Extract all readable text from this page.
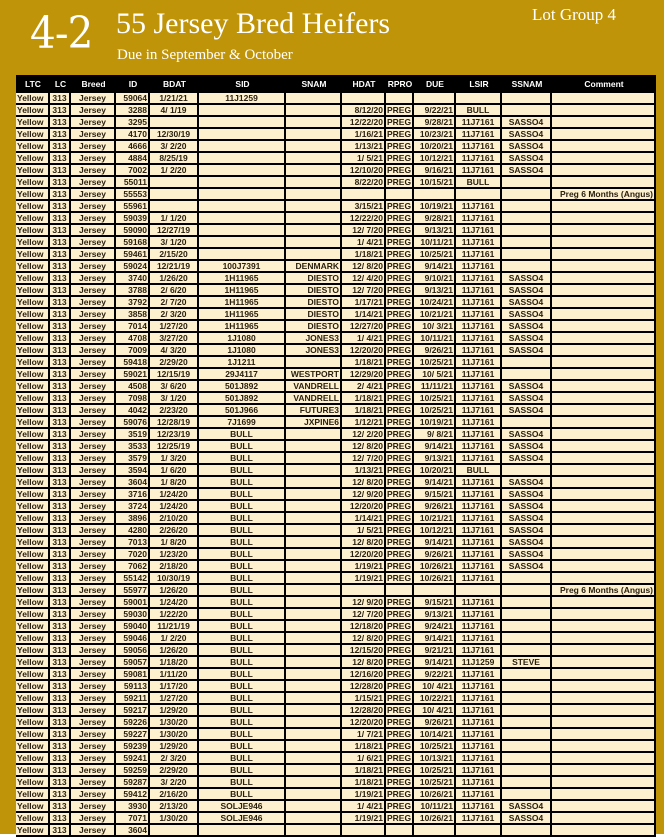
4-2 55 Jersey Bred Heifers
Due in September & October
Lot Group 4
LTC	LC	Breed	ID	BDAT	SID	SNAM	HDAT	RPRO	DUE	LSIR	SSNAM	Comment
Yellow	313	Jersey	59064	1/21/21	11J1259							
Yellow	313	Jersey	3288	4/ 1/19			8/12/20	PREG	9/22/21	BULL		
Yellow	313	Jersey	3295				12/22/20	PREG	9/28/21	11J7161	SASSO4	
Yellow	313	Jersey	4170	12/30/19			1/16/21	PREG	10/23/21	11J7161	SASSO4	
Yellow	313	Jersey	4666	3/ 2/20			1/13/21	PREG	10/20/21	11J7161	SASSO4	
Yellow	313	Jersey	4884	8/25/19			1/ 5/21	PREG	10/12/21	11J7161	SASSO4	
Yellow	313	Jersey	7002	1/ 2/20			12/10/20	PREG	9/16/21	11J7161	SASSO4	
Yellow	313	Jersey	55011				8/22/20	PREG	10/15/21	BULL		
Yellow	313	Jersey	55553									Preg 6 Months (Angus)
Yellow	313	Jersey	55961				3/15/21	PREG	10/19/21	11J7161		
Yellow	313	Jersey	59039	1/ 1/20			12/22/20	PREG	9/28/21	11J7161		
Yellow	313	Jersey	59090	12/27/19			12/ 7/20	PREG	9/13/21	11J7161		
Yellow	313	Jersey	59168	3/ 1/20			1/ 4/21	PREG	10/11/21	11J7161		
Yellow	313	Jersey	59461	2/15/20			1/18/21	PREG	10/25/21	11J7161		
Yellow	313	Jersey	59024	12/21/19	100J7391	DENMARK	12/ 8/20	PREG	9/14/21	11J7161		
Yellow	313	Jersey	3740	1/26/20	1H11965	DIESTO	12/ 4/20	PREG	9/10/21	11J7161	SASSO4	
Yellow	313	Jersey	3788	2/ 6/20	1H11965	DIESTO	12/ 7/20	PREG	9/13/21	11J7161	SASSO4	
Yellow	313	Jersey	3792	2/ 7/20	1H11965	DIESTO	1/17/21	PREG	10/24/21	11J7161	SASSO4	
Yellow	313	Jersey	3858	2/ 3/20	1H11965	DIESTO	1/14/21	PREG	10/21/21	11J7161	SASSO4	
Yellow	313	Jersey	7014	1/27/20	1H11965	DIESTO	12/27/20	PREG	10/ 3/21	11J7161	SASSO4	
Yellow	313	Jersey	4708	3/27/20	1J1080	JONES3	1/ 4/21	PREG	10/11/21	11J7161	SASSO4	
Yellow	313	Jersey	7009	4/ 3/20	1J1080	JONES3	12/20/20	PREG	9/26/21	11J7161	SASSO4	
Yellow	313	Jersey	59418	2/29/20	1J1211		1/18/21	PREG	10/25/21	11J7161		
Yellow	313	Jersey	59021	12/15/19	29J4117	WESTPORT	12/29/20	PREG	10/ 5/21	11J7161		
Yellow	313	Jersey	4508	3/ 6/20	501J892	VANDRELL	2/ 4/21	PREG	11/11/21	11J7161	SASSO4	
Yellow	313	Jersey	7098	3/ 1/20	501J892	VANDRELL	1/18/21	PREG	10/25/21	11J7161	SASSO4	
Yellow	313	Jersey	4042	2/23/20	501J966	FUTURE3	1/18/21	PREG	10/25/21	11J7161	SASSO4	
Yellow	313	Jersey	59076	12/28/19	7J1699	JXPINE6	1/12/21	PREG	10/19/21	11J7161		
Yellow	313	Jersey	3519	12/23/19	BULL		12/ 2/20	PREG	9/ 8/21	11J7161	SASSO4	
Yellow	313	Jersey	3533	12/25/19	BULL		12/ 8/20	PREG	9/14/21	11J7161	SASSO4	
Yellow	313	Jersey	3579	1/ 3/20	BULL		12/ 7/20	PREG	9/13/21	11J7161	SASSO4	
Yellow	313	Jersey	3594	1/ 6/20	BULL		1/13/21	PREG	10/20/21	BULL		
Yellow	313	Jersey	3604	1/ 8/20	BULL		12/ 8/20	PREG	9/14/21	11J7161	SASSO4	
Yellow	313	Jersey	3716	1/24/20	BULL		12/ 9/20	PREG	9/15/21	11J7161	SASSO4	
Yellow	313	Jersey	3724	1/24/20	BULL		12/20/20	PREG	9/26/21	11J7161	SASSO4	
Yellow	313	Jersey	3896	2/10/20	BULL		1/14/21	PREG	10/21/21	11J7161	SASSO4	
Yellow	313	Jersey	4280	2/26/20	BULL		1/ 5/21	PREG	10/12/21	11J7161	SASSO4	
Yellow	313	Jersey	7013	1/ 8/20	BULL		12/ 8/20	PREG	9/14/21	11J7161	SASSO4	
Yellow	313	Jersey	7020	1/23/20	BULL		12/20/20	PREG	9/26/21	11J7161	SASSO4	
Yellow	313	Jersey	7062	2/18/20	BULL		1/19/21	PREG	10/26/21	11J7161	SASSO4	
Yellow	313	Jersey	55142	10/30/19	BULL		1/19/21	PREG	10/26/21	11J7161		
Yellow	313	Jersey	55977	1/26/20	BULL							Preg 6 Months (Angus)
Yellow	313	Jersey	59001	1/24/20	BULL		12/ 9/20	PREG	9/15/21	11J7161		
Yellow	313	Jersey	59030	1/22/20	BULL		12/ 7/20	PREG	9/13/21	11J7161		
Yellow	313	Jersey	59040	11/21/19	BULL		12/18/20	PREG	9/24/21	11J7161		
Yellow	313	Jersey	59046	1/ 2/20	BULL		12/ 8/20	PREG	9/14/21	11J7161		
Yellow	313	Jersey	59056	1/26/20	BULL		12/15/20	PREG	9/21/21	11J7161		
Yellow	313	Jersey	59057	1/18/20	BULL		12/ 8/20	PREG	9/14/21	11J1259	STEVE	
Yellow	313	Jersey	59081	1/11/20	BULL		12/16/20	PREG	9/22/21	11J7161		
Yellow	313	Jersey	59113	1/17/20	BULL		12/28/20	PREG	10/ 4/21	11J7161		
Yellow	313	Jersey	59211	1/27/20	BULL		1/15/21	PREG	10/22/21	11J7161		
Yellow	313	Jersey	59217	1/29/20	BULL		12/28/20	PREG	10/ 4/21	11J7161		
Yellow	313	Jersey	59226	1/30/20	BULL		12/20/20	PREG	9/26/21	11J7161		
Yellow	313	Jersey	59227	1/30/20	BULL		1/ 7/21	PREG	10/14/21	11J7161		
Yellow	313	Jersey	59239	1/29/20	BULL		1/18/21	PREG	10/25/21	11J7161		
Yellow	313	Jersey	59241	2/ 3/20	BULL		1/ 6/21	PREG	10/13/21	11J7161		
Yellow	313	Jersey	59259	2/29/20	BULL		1/18/21	PREG	10/25/21	11J7161		
Yellow	313	Jersey	59287	3/ 2/20	BULL		1/18/21	PREG	10/25/21	11J7161		
Yellow	313	Jersey	59412	2/16/20	BULL		1/19/21	PREG	10/26/21	11J7161		
Yellow	313	Jersey	3930	2/13/20	SOLJE946		1/ 4/21	PREG	10/11/21	11J7161	SASSO4	
Yellow	313	Jersey	7071	1/30/20	SOLJE946		1/19/21	PREG	10/26/21	11J7161	SASSO4	
Yellow	313	Jersey	3604									
